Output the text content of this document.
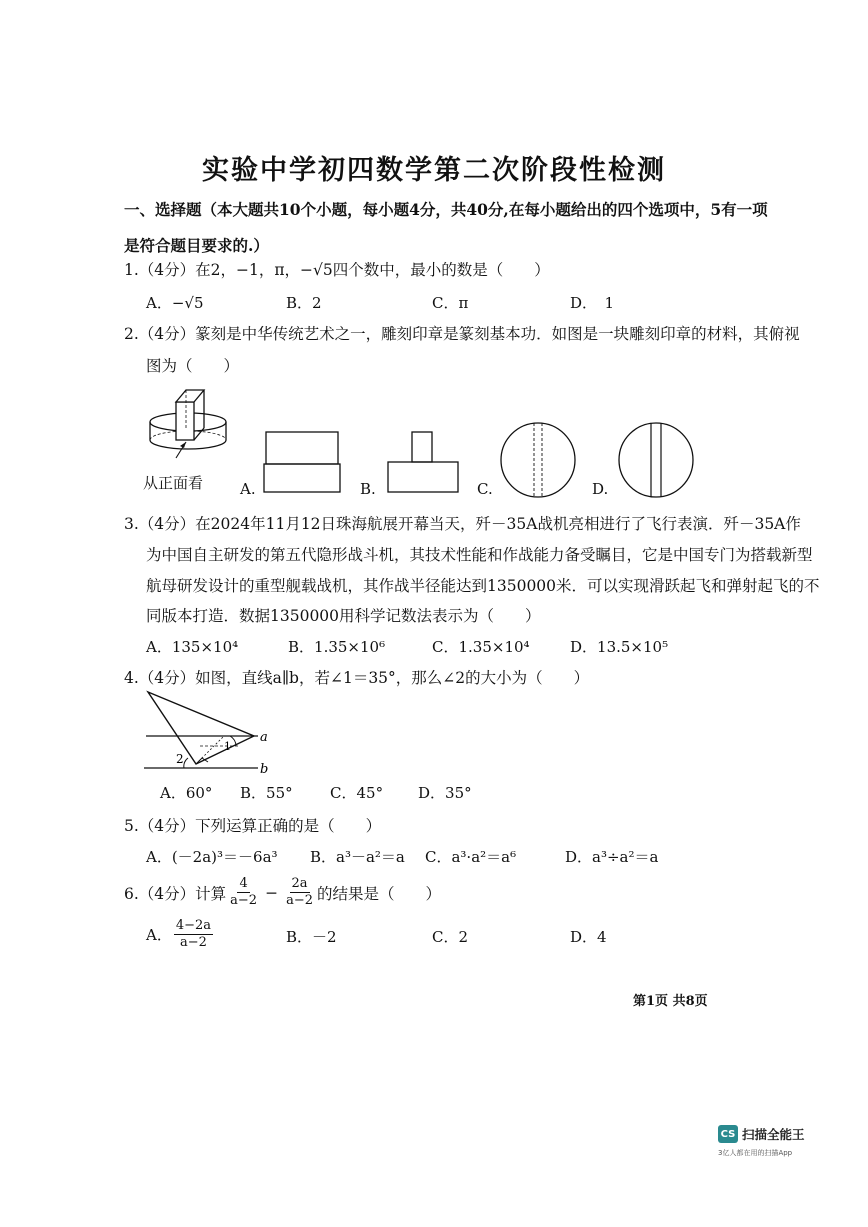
实验中学初四数学第二次阶段性检测
一、选择题（本大题共10个小题，每小题4分，共40分,在每小题给出的四个选项中，5有一项是符合题目要求的.）
1.（4分）在2，−1，π，−√5四个数中，最小的数是（　　）
A．−√5	B．2	C．π	D．　1
2.（4分）篆刻是中华传统艺术之一，雕刻印章是篆刻基本功．如图是一块雕刻印章的材料，其俯视
图为（　　）
从正面看 A.	B.	C.	D.
3.（4分）在2024年11月12日珠海航展开幕当天，歼－35A战机亮相进行了飞行表演．歼－35A作
为中国自主研发的第五代隐形战斗机，其技术性能和作战能力备受瞩目，它是中国专门为搭载新型
航母研发设计的重型舰载战机，其作战半径能达到1350000米．可以实现滑跃起飞和弹射起飞的不
同版本打造．数据1350000用科学记数法表示为（　　）
A．135×10⁴	B．1.35×10⁶	C．1.35×10⁴	D．13.5×10⁵
4.（4分）如图，直线a∥b，若∠1＝35°，那么∠2的大小为（　　）
a
b
1
2
A．60° B．55° C．45° D．35°
5.（4分）下列运算正确的是（　　）
A．(－2a)³＝－6a³ B．a³－a²＝a C．a³·a²＝a⁶	D．a³÷a²＝a
6.（4分）计算 $\frac{4}{a-2} - \frac{2a}{a-2}$ 的结果是（　　）
A． $\frac{4-2a}{a-2}$	B．－2	C．2	D．4
第1页 共8页
CS 扫描全能王
3亿人都在用的扫描App
